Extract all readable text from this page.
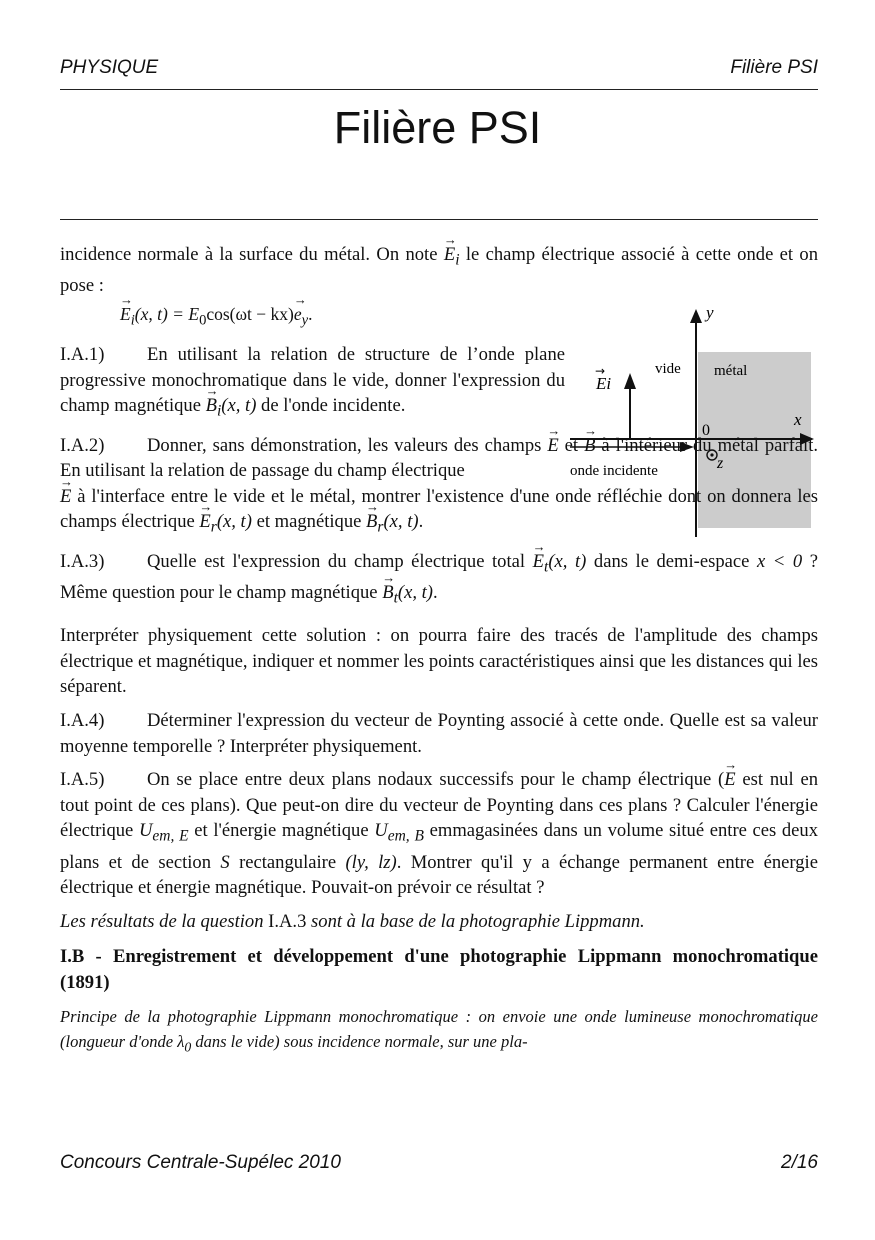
PHYSIQUE	Filière PSI
Filière PSI
y
x
z
0
vide métal
Ei
→
onde incidente

incidence normale à la surface du métal. On note → $E_i$ le champ électrique associé à cette onde et on pose :

→ $E_i(x$, $t) = E_0\cos(\omega t - kx)\to e_y$.

I.A.1) En utilisant la relation de structure de l’onde plane progressive monochromatique dans le vide, donner l'expression du champ magnétique → $B_i(x$, t) de l'onde incidente.

I.A.2) Donner, sans démonstration, les valeurs des champs → E et → B à l'intérieur du métal parfait. En utilisant la relation de passage du champ électrique
→ E à l'interface entre le vide et le métal, montrer l'existence d'une onde réfléchie dont on donnera les champs électrique → $E_r(x$, t) et magnétique → $B_r(x$, t).

I.A.3) Quelle est l'expression du champ électrique total → $E_t(x$, t) dans le demi-espace x < 0 ? Même question pour le champ magnétique → $B_t(x$, t).

Interpréter physiquement cette solution : on pourra faire des tracés de l'amplitude des champs électrique et magnétique, indiquer et nommer les points caractéristiques ainsi que les distances qui les séparent.

I.A.4) Déterminer l'expression du vecteur de Poynting associé à cette onde. Quelle est sa valeur moyenne temporelle ? Interpréter physiquement.

I.A.5) On se place entre deux plans nodaux successifs pour le champ électrique (→ E est nul en tout point de ces plans). Que peut-on dire du vecteur de Poynting dans ces plans ? Calculer l'énergie électrique $U_{em, E}$ et l'énergie magnétique $U_{em, B}$ emmagasinées dans un volume situé entre ces deux plans et de section S rectangulaire (ly, lz). Montrer qu'il y a échange permanent entre énergie électrique et énergie magnétique. Pouvait-on prévoir ce résultat ?

Les résultats de la question I.A.3 sont à la base de la photographie Lippmann.

I.B - Enregistrement et développement d'une photographie Lippmann monochromatique (1891)

Principe de la photographie Lippmann monochromatique : on envoie une onde lumineuse monochromatique (longueur d'onde $\lambda_0$ dans le vide) sous incidence normale, sur une pla-

Concours Centrale-Supélec 2010	2/16
